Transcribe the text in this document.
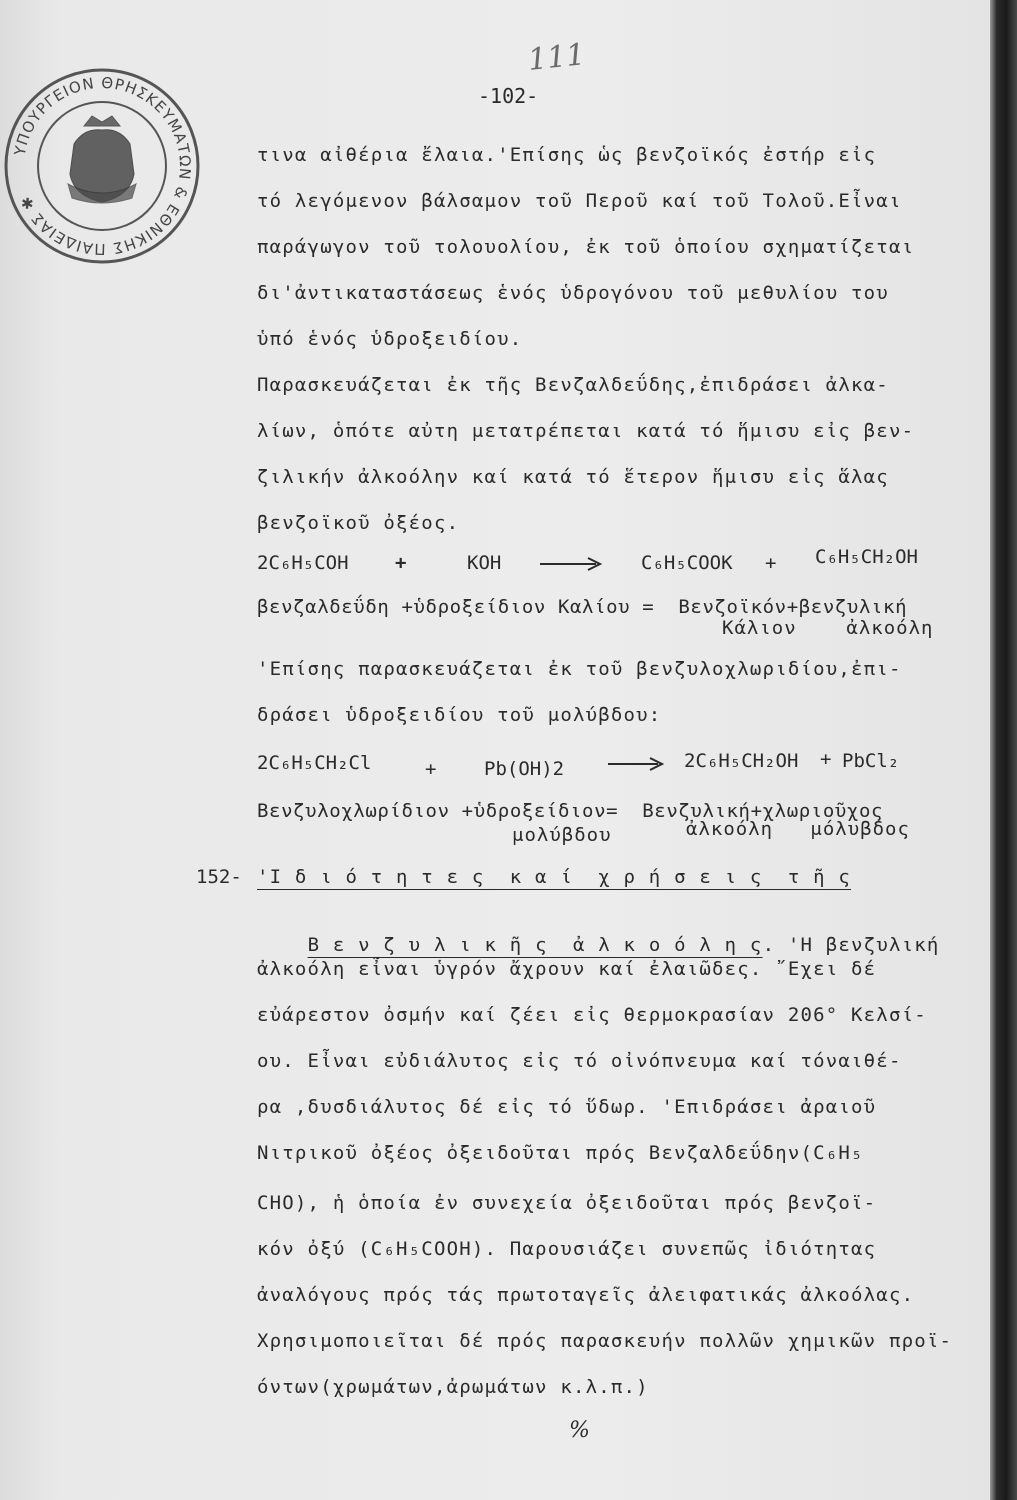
ΥΠΟΥΡΓΕΙΟΝ ΘΡΗΣΚΕΥΜΑΤΩΝ & ΕΘΝΙΚΗΣ ΠΑΙΔΕΙΑΣ ✱
111
-102-
τινα αἰθέρια ἔλαια.'Επίσης ὡς βενζοϊκός ἐστήρ εἰς
τό λεγόμενον βάλσαμον τοῦ Περοῦ καί τοῦ Τολοῦ.Εἶναι
παράγωγον τοῦ τολουολίου, ἐκ τοῦ ὁποίου σχηματίζεται
δι'ἀντικαταστάσεως ἑνός ὑδρογόνου τοῦ μεθυλίου του
ὑπό ἑνός ὑδροξειδίου.
Παρασκευάζεται ἐκ τῆς Βενζαλδεΰδης,ἐπιδράσει ἀλκα-
λίων, ὁπότε αὐτη μετατρέπεται κατά τό ἥμισυ εἰς βεν-
ζιλικήν ἀλκοόλην καί κατά τό ἕτερον ἥμισυ εἰς ἅλας
βενζοϊκοῦ ὀξέος.
2C₆H₅COH +	KOH	C₆H₅COOK + C₆H₅CH₂OH
βενζαλδεΰδη +ὑδροξείδιον Καλίου =  Βενζοϊκόν+βενζυλική
Κάλιον    ἀλκοόλη
'Επίσης παρασκευάζεται ἐκ τοῦ βενζυλοχλωριδίου,ἐπι-
δράσει ὑδροξειδίου τοῦ μολύβδου:
2C₆H₅CH₂Cl	+	Pb(OH)2	→ 2C₆H₅CH₂OH + PbCl₂
Βενζυλοχλωρίδιον +ὑδροξείδιον=  Βενζυλική+χλωριοῦχος
μολύβδου	ἀλκοόλη   μόλυβδος
152- 'Ι δ ι ό τ η τ ε ς  κ α ί  χ ρ ή σ ε ι ς  τ ῆ ς

Β ε ν ζ υ λ ι κ ῆ ς  ἀ λ κ ο ό λ η ς. 'Η βενζυλική

ἀλκοόλη εἶναι ὑγρόν ἄχρουν καί ἐλαιῶδες. ῎Εχει δέ
εὐάρεστον ὀσμήν καί ζέει εἰς θερμοκρασίαν 206° Κελσί-
ου. Εἶναι εὐδιάλυτος εἰς τό οἰνόπνευμα καί τόναιθέ-
ρα ,δυσδιάλυτος δέ εἰς τό ὕδωρ. 'Επιδράσει ἀραιοῦ
Νιτρικοῦ ὀξέος ὀξειδοῦται πρός Βενζαλδεΰδην(C₆H₅
CHO), ἡ ὁποία ἐν συνεχεία ὀξειδοῦται πρός βενζοϊ-
κόν ὀξύ (C₆H₅COOH). Παρουσιάζει συνεπῶς ἰδιότητας
ἀναλόγους πρός τάς πρωτοταγεῖς ἀλειφατικάς ἀλκοόλας.
Χρησιμοποιεῖται δέ πρός παρασκευήν πολλῶν χημικῶν προϊ-
όντων(χρωμάτων,ἀρωμάτων κ.λ.π.)
%
